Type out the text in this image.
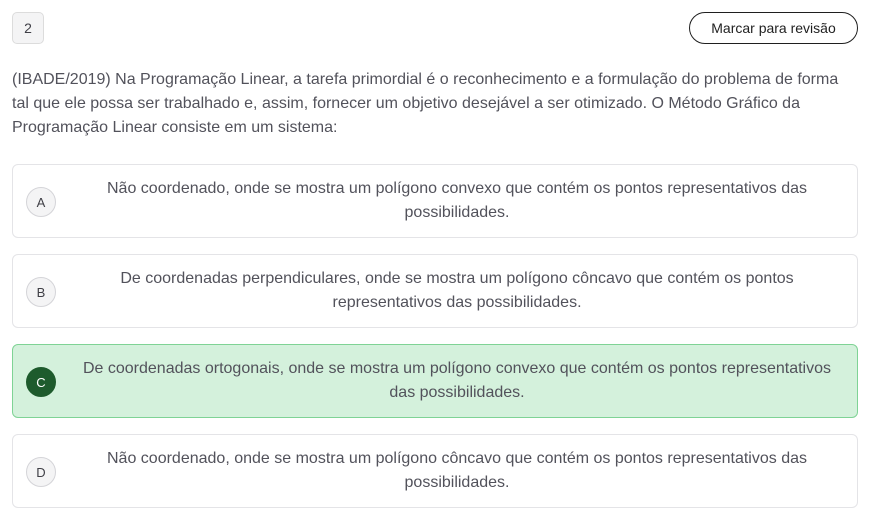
2	Marcar para revisão

(IBADE/2019) Na Programação Linear, a tarefa primordial é o reconhecimento e a formulação do problema de forma tal que ele possa ser trabalhado e, assim, fornecer um objetivo desejável a ser otimizado. O Método Gráfico da Programação Linear consiste em um sistema:

A
Não coordenado, onde se mostra um polígono convexo que contém os pontos representativos das possibilidades.
B
De coordenadas perpendiculares, onde se mostra um polígono côncavo que contém os pontos representativos das possibilidades.
C
De coordenadas ortogonais, onde se mostra um polígono convexo que contém os pontos representativos das possibilidades.
D
Não coordenado, onde se mostra um polígono côncavo que contém os pontos representativos das possibilidades.
